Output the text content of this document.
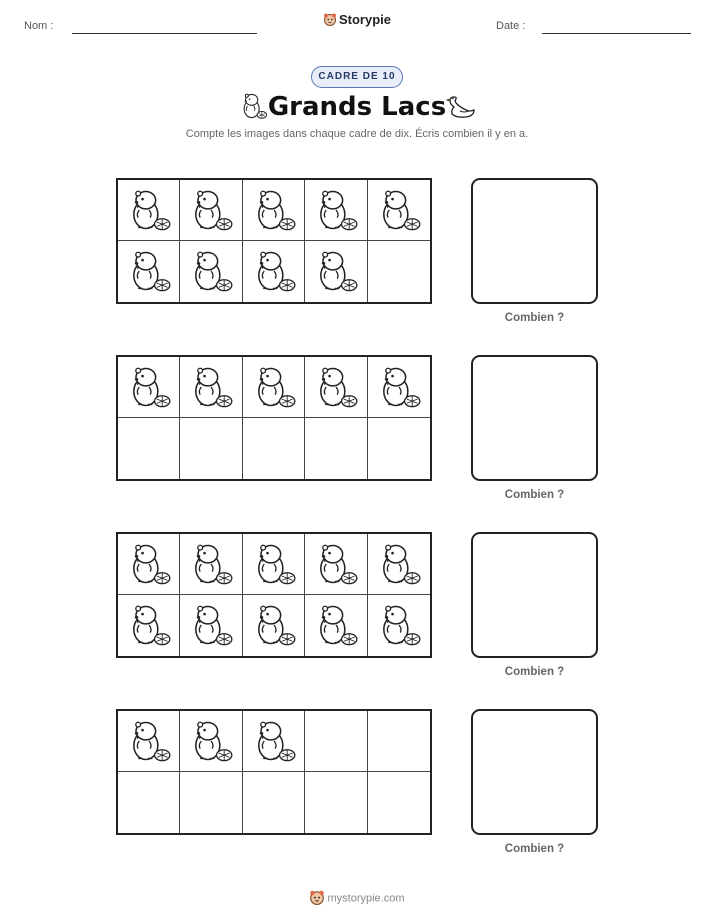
Nom :	Storypie	Date :
CADRE DE 10
Grands Lacs
Compte les images dans chaque cadre de dix. Écris combien il y en a.
Combien ?
Combien ?
Combien ?
Combien ?
mystorypie.com
